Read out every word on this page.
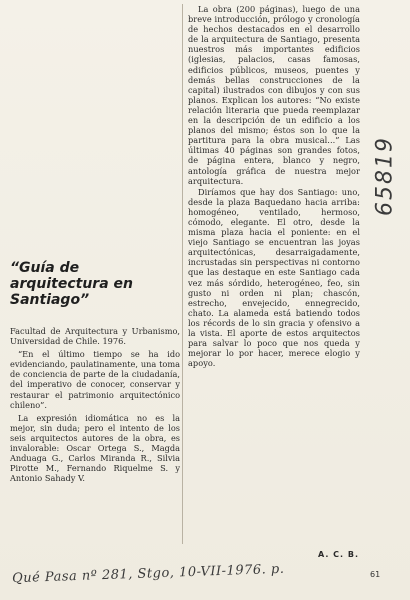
La obra (200 páginas), luego de una breve introducción, prólogo y cronología de hechos destacados en el desarrollo de la arquitectura de Santiago, presenta nuestros más importantes edificios (iglesias, palacios, casas famosas, edificios públicos, museos, puentes y demás bellas construcciones de la capital) ilustrados con dibujos y con sus planos. Explican los autores: “No existe relación literaria que pueda reemplazar en la descripción de un edificio a los planos del mismo; éstos son lo que la partitura para la obra musical...” Las últimas 40 páginas son grandes fotos, de página entera, blanco y negro, antología gráfica de nuestra mejor arquitectura.

Diríamos que hay dos Santiago: uno, desde la plaza Baquedano hacia arriba: homogéneo, ventilado, hermoso, cómodo, elegante. El otro, desde la misma plaza hacia el poniente: en el viejo Santiago se encuentran las joyas arquitectónicas, desarraigadamente, incrustadas sin perspectivas ni contorno que las destaque en este Santiago cada vez más sórdido, heterogéneo, feo, sin gusto ni orden ni plan; chascón, estrecho, envejecido, ennegrecido, chato. La alameda está batiendo todos los récords de lo sin gracia y ofensivo a la vista. El aporte de estos arquitectos para salvar lo poco que nos queda y mejorar lo por hacer, merece elogio y apoyo.

A. C. B.
“Guía de arquitectura en Santiago”

Facultad de Arquitectura y Urbanismo, Universidad de Chile. 1976.

“En el último tiempo se ha ido evidenciando, paulatinamente, una toma de conciencia de parte de la ciudadanía, del imperativo de conocer, conservar y restaurar el patrimonio arquitectónico chileno”.

La expresión idiomática no es la mejor, sin duda; pero el intento de los seis arquitectos autores de la obra, es invalorable: Oscar Ortega S., Magda Anduaga G., Carlos Miranda R., Silvia Pirotte M., Fernando Riquelme S. y Antonio Sahady V.

65819
Qué Pasa nº 281, Stgo, 10-VII-1976. p.	61
